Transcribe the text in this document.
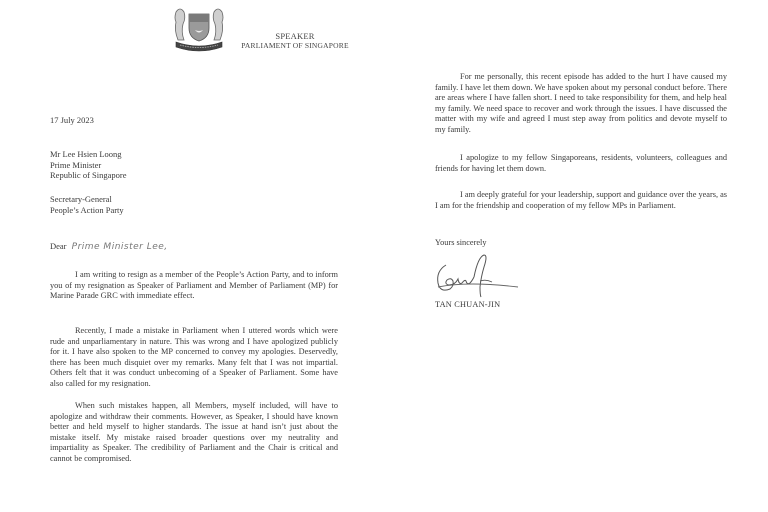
SPEAKER
PARLIAMENT OF SINGAPORE
17 July 2023
Mr Lee Hsien Loong
Prime Minister
Republic of Singapore
Secretary-General
People’s Action Party
Dear Prime Minister Lee,

I am writing to resign as a member of the People’s Action Party, and to inform you of my resignation as Speaker of Parliament and Member of Parliament (MP) for Marine Parade GRC with immediate effect.

Recently, I made a mistake in Parliament when I uttered words which were rude and unparliamentary in nature. This was wrong and I have apologized publicly for it. I have also spoken to the MP concerned to convey my apologies. Deservedly, there has been much disquiet over my remarks. Many felt that I was not impartial. Others felt that it was conduct unbecoming of a Speaker of Parliament. Some have also called for my resignation.

When such mistakes happen, all Members, myself included, will have to apologize and withdraw their comments. However, as Speaker, I should have known better and held myself to higher standards. The issue at hand isn’t just about the mistake itself. My mistake raised broader questions over my neutrality and impartiality as Speaker. The credibility of Parliament and the Chair is critical and cannot be compromised.

For me personally, this recent episode has added to the hurt I have caused my family. I have let them down. We have spoken about my personal conduct before. There are areas where I have fallen short. I need to take responsibility for them, and help heal my family. We need space to recover and work through the issues. I have discussed the matter with my wife and agreed I must step away from politics and devote myself to my family.

I apologize to my fellow Singaporeans, residents, volunteers, colleagues and friends for having let them down.

I am deeply grateful for your leadership, support and guidance over the years, as I am for the friendship and cooperation of my fellow MPs in Parliament.

Yours sincerely
TAN CHUAN-JIN
